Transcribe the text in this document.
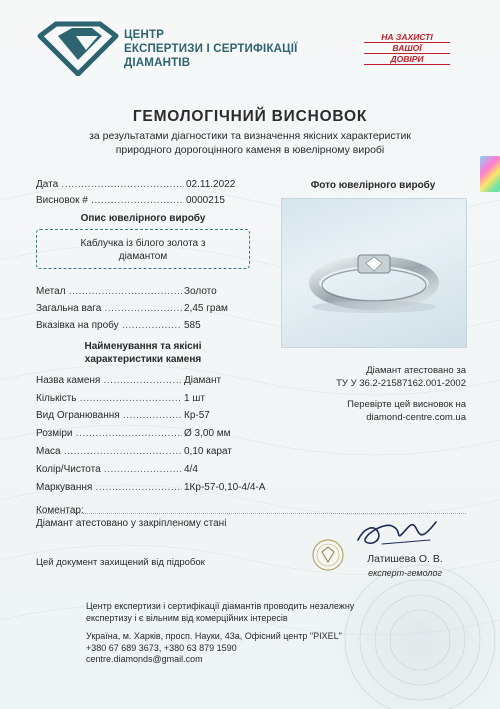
ЦЕНТР
ЕКСПЕРТИЗИ І СЕРТИФІКАЦІЇ
ДІАМАНТІВ
НА ЗАХИСТІ
ВАШОЇ
ДОВІРИ
ГЕМОЛОГІЧНИЙ ВИСНОВОК
за результатами діагностики та визначення якісних характеристик
природного дорогоцінного каменя в ювелірному виробі
Дата .....	02.11.2022
Висновок # .....	0000215
Опис ювелірного виробу
Каблучка із білого золота з
діамантом
Метал .....	Золото
Загальна вага .....	2,45 грам
Вказівка на пробу .....	585
Найменування та якісні
характеристики каменя
Назва каменя .....	Діамант
Кількість .....	1 шт
Вид Огранювання .....	Кр-57
Розміри .....	Ø 3,00 мм
Маса .....	0,10 карат
Колір/Чистота .....	4/4
Маркування .....	1Кр-57-0,10-4/4-А
Фото ювелірного виробу
Діамант атестовано за
ТУ У 36.2-21587162.001-2002
Перевірте цей висновок на
diamond-centre.com.ua
Коментар:
Діамант атестовано у закріпленому стані
Цей документ захищений від підробок	Латишева О. В.
експерт-гемолог
Центр експертизи і сертифікації діамантів проводить незалежну
експертизу і є вільним від комерційних інтересів
Україна, м. Харків, просп. Науки, 43а, Офісний центр "PIXEL"
+380 67 689 3673, +380 63 879 1590
centre.diamonds@gmail.com
